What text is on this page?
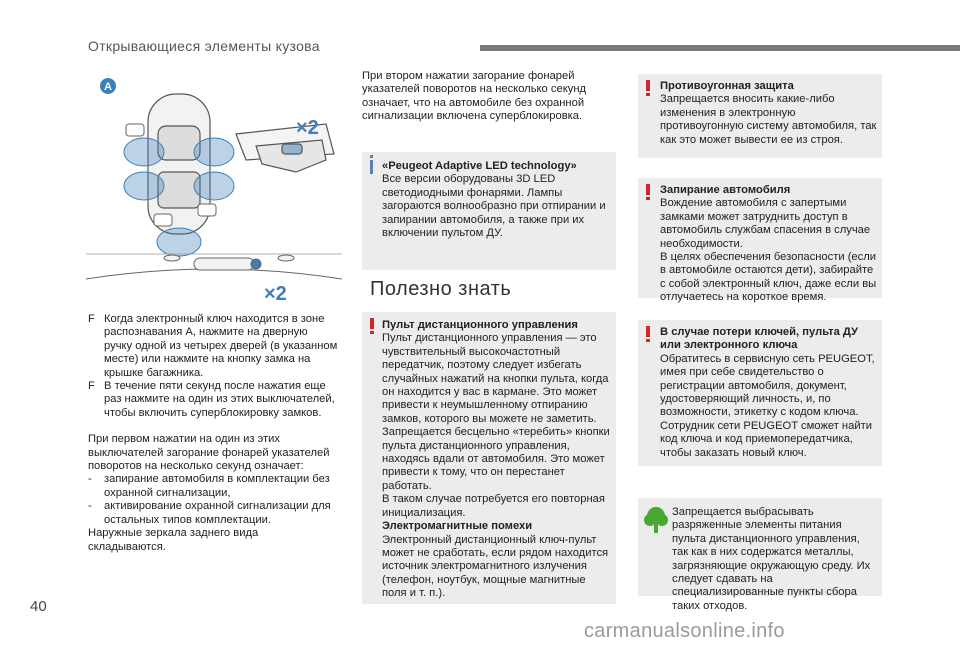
Открывающиеся элементы кузова
A
×2
×2
F Когда электронный ключ находится в зоне распознавания A, нажмите на дверную ручку одной из четырех дверей (в указанном месте) или нажмите на кнопку замка на крышке багажника.
F В течение пяти секунд после нажатия еще раз нажмите на один из этих выключателей, чтобы включить суперблокировку замков.

При первом нажатии на один из этих выключателей загорание фонарей указателей поворотов на несколько секунд означает:

- запирание автомобиля в комплектации без охранной сигнализации,
- активирование охранной сигнализации для остальных типов комплектации.

Наружные зеркала заднего вида складываются.

При втором нажатии загорание фонарей указателей поворотов на несколько секунд означает, что на автомобиле без охранной сигнализации включена суперблокировка.

«Peugeot Adaptive LED technology»
Все версии оборудованы 3D LED светодиодными фонарями. Лампы загораются волнообразно при отпирании и запирании автомобиля, а также при их включении пультом ДУ.
Полезно знать
Пульт дистанционного управления
Пульт дистанционного управления — это чувствительный высокочастотный передатчик, поэтому следует избегать случайных нажатий на кнопки пульта, когда он находится у вас в кармане. Это может привести к неумышленному отпиранию замков, которого вы можете не заметить.
Запрещается бесцельно «теребить» кнопки пульта дистанционного управления, находясь вдали от автомобиля. Это может привести к тому, что он перестанет работать.
В таком случае потребуется его повторная инициализация.
Электромагнитные помехи
Электронный дистанционный ключ-пульт может не сработать, если рядом находится источник электромагнитного излучения (телефон, ноутбук, мощные магнитные поля и т. п.).
Противоугонная защита
Запрещается вносить какие-либо изменения в электронную противоугонную систему автомобиля, так как это может вывести ее из строя.
Запирание автомобиля
Вождение автомобиля с запертыми замками может затруднить доступ в автомобиль службам спасения в случае необходимости.
В целях обеспечения безопасности (если в автомобиле остаются дети), забирайте с собой электронный ключ, даже если вы отлучаетесь на короткое время.
В случае потери ключей, пульта ДУ или электронного ключа
Обратитесь в сервисную сеть PEUGEOT, имея при себе свидетельство о регистрации автомобиля, документ, удостоверяющий личность, и, по возможности, этикетку с кодом ключа.
Сотрудник сети PEUGEOT сможет найти код ключа и код приемопередатчика, чтобы заказать новый ключ.
Запрещается выбрасывать разряженные элементы питания пульта дистанционного управления, так как в них содержатся металлы, загрязняющие окружающую среду. Их следует сдавать на специализированные пункты сбора таких отходов.
40
carmanualsonline.info
